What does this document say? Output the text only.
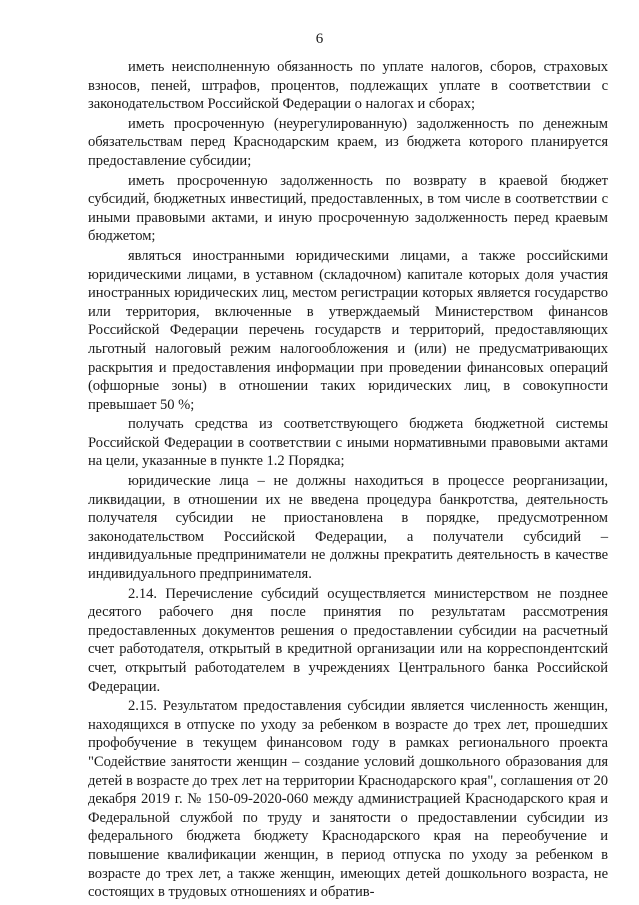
6

иметь неисполненную обязанность по уплате налогов, сборов, страховых взносов, пеней, штрафов, процентов, подлежащих уплате в соответствии с законодательством Российской Федерации о налогах и сборах;

иметь просроченную (неурегулированную) задолженность по денежным обязательствам перед Краснодарским краем, из бюджета которого планируется предоставление субсидии;

иметь просроченную задолженность по возврату в краевой бюджет субсидий, бюджетных инвестиций, предоставленных, в том числе в соответствии с иными правовыми актами, и иную просроченную задолженность перед краевым бюджетом;

являться иностранными юридическими лицами, а также российскими юридическими лицами, в уставном (складочном) капитале которых доля участия иностранных юридических лиц, местом регистрации которых является государство или территория, включенные в утверждаемый Министерством финансов Российской Федерации перечень государств и территорий, предоставляющих льготный налоговый режим налогообложения и (или) не предусматривающих раскрытия и предоставления информации при проведении финансовых операций (офшорные зоны) в отношении таких юридических лиц, в совокупности превышает 50 %;

получать средства из соответствующего бюджета бюджетной системы Российской Федерации в соответствии с иными нормативными правовыми актами на цели, указанные в пункте 1.2 Порядка;

юридические лица – не должны находиться в процессе реорганизации, ликвидации, в отношении их не введена процедура банкротства, деятельность получателя субсидии не приостановлена в порядке, предусмотренном законодательством Российской Федерации, а получатели субсидий – индивидуальные предприниматели не должны прекратить деятельность в качестве индивидуального предпринимателя.

2.14. Перечисление субсидий осуществляется министерством не позднее десятого рабочего дня после принятия по результатам рассмотрения предоставленных документов решения о предоставлении субсидии на расчетный счет работодателя, открытый в кредитной организации или на корреспондентский счет, открытый работодателем в учреждениях Центрального банка Российской Федерации.

2.15. Результатом предоставления субсидии является численность женщин, находящихся в отпуске по уходу за ребенком в возрасте до трех лет, прошедших профобучение в текущем финансовом году в рамках регионального проекта "Содействие занятости женщин – создание условий дошкольного образования для детей в возрасте до трех лет на территории Краснодарского края", соглашения от 20 декабря 2019 г. № 150-09-2020-060 между администрацией Краснодарского края и Федеральной службой по труду и занятости о предоставлении субсидии из федерального бюджета бюджету Краснодарского края на переобучение и повышение квалификации женщин, в период отпуска по уходу за ребенком в возрасте до трех лет, а также женщин, имеющих детей дошкольного возраста, не состоящих в трудовых отношениях и обратив-
